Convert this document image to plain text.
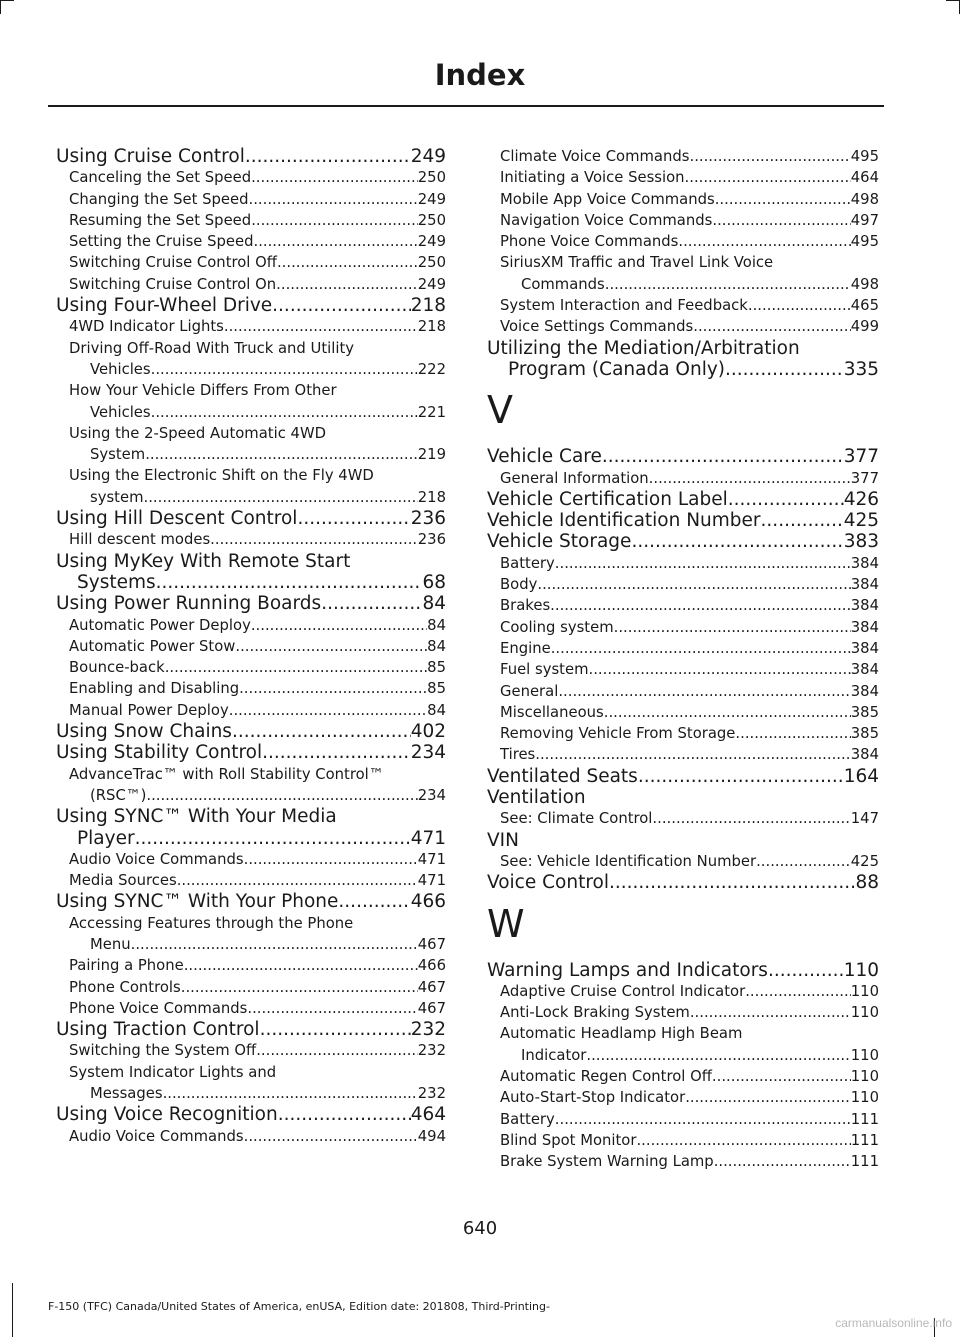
Index
Using Cruise Control .....	249
Canceling the Set Speed .....	250
Changing the Set Speed .....	249
Resuming the Set Speed .....	250
Setting the Cruise Speed .....	249
Switching Cruise Control Off .....	250
Switching Cruise Control On .....	249
Using Four-Wheel Drive .....	218
4WD Indicator Lights .....	218
Driving Off-Road With Truck and Utility
Vehicles .....	222
How Your Vehicle Differs From Other
Vehicles .....	221
Using the 2-Speed Automatic 4WD
System .....	219
Using the Electronic Shift on the Fly 4WD
system .....	218
Using Hill Descent Control .....	236
Hill descent modes .....	236
Using MyKey With Remote Start
Systems .....	68
Using Power Running Boards .....	84
Automatic Power Deploy .....	84
Automatic Power Stow .....	84
Bounce-back .....	85
Enabling and Disabling .....	85
Manual Power Deploy .....	84
Using Snow Chains .....	402
Using Stability Control .....	234
AdvanceTrac™ with Roll Stability Control™
(RSC™) .....	234
Using SYNC™ With Your Media
Player .....	471
Audio Voice Commands .....	471
Media Sources .....	471
Using SYNC™ With Your Phone .....	466
Accessing Features through the Phone
Menu .....	467
Pairing a Phone .....	466
Phone Controls .....	467
Phone Voice Commands .....	467
Using Traction Control .....	232
Switching the System Off .....	232
System Indicator Lights and
Messages .....	232
Using Voice Recognition .....	464
Audio Voice Commands .....	494
Climate Voice Commands .....	495
Initiating a Voice Session .....	464
Mobile App Voice Commands .....	498
Navigation Voice Commands .....	497
Phone Voice Commands .....	495
SiriusXM Traffic and Travel Link Voice
Commands .....	498
System Interaction and Feedback .....	465
Voice Settings Commands .....	499
Utilizing the Mediation/Arbitration
Program (Canada Only) .....	335
V
Vehicle Care .....	377
General Information .....	377
Vehicle Certification Label .....	426
Vehicle Identification Number .....	425
Vehicle Storage .....	383
Battery .....	384
Body .....	384
Brakes .....	384
Cooling system .....	384
Engine .....	384
Fuel system .....	384
General .....	384
Miscellaneous .....	385
Removing Vehicle From Storage .....	385
Tires .....	384
Ventilated Seats .....	164
Ventilation
See: Climate Control .....	147
VIN
See: Vehicle Identification Number .....	425
Voice Control .....	88
W
Warning Lamps and Indicators .....	110
Adaptive Cruise Control Indicator .....	110
Anti-Lock Braking System .....	110
Automatic Headlamp High Beam
Indicator .....	110
Automatic Regen Control Off .....	110
Auto-Start-Stop Indicator .....	110
Battery .....	111
Blind Spot Monitor .....	111
Brake System Warning Lamp .....	111
640
F-150 (TFC) Canada/United States of America, enUSA, Edition date: 201808, Third-Printing-
carmanualsonline.info
